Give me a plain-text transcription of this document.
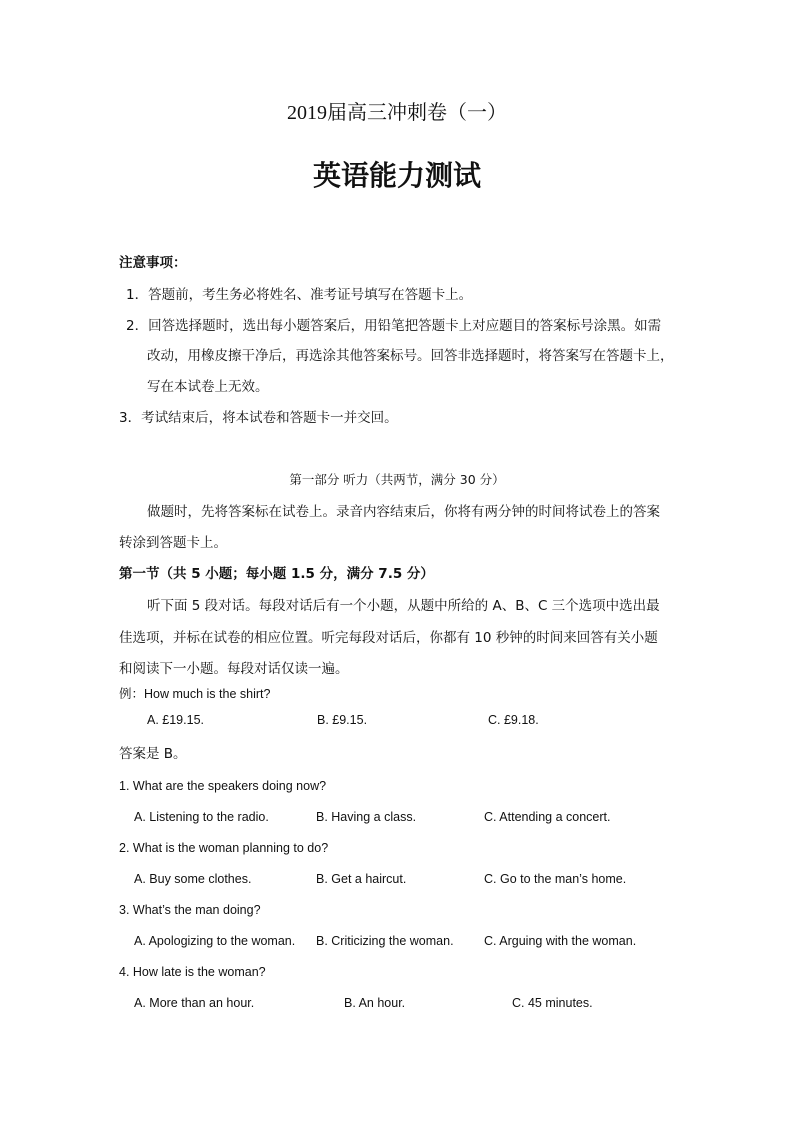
2019届高三冲刺卷（一）
英语能力测试
注意事项：
1．答题前，考生务必将姓名、准考证号填写在答题卡上。
2．回答选择题时，选出每小题答案后，用铅笔把答题卡上对应题目的答案标号涂黑。如需
改动，用橡皮擦干净后，再选涂其他答案标号。回答非选择题时，将答案写在答题卡上，
写在本试卷上无效。
3．考试结束后，将本试卷和答题卡一并交回。
第一部分 听力（共两节，满分 30 分）
做题时，先将答案标在试卷上。录音内容结束后，你将有两分钟的时间将试卷上的答案
转涂到答题卡上。
第一节（共 5 小题；每小题 1.5 分，满分 7.5 分）
听下面 5 段对话。每段对话后有一个小题，从题中所给的 A、B、C 三个选项中选出最
佳选项，并标在试卷的相应位置。听完每段对话后，你都有 10 秒钟的时间来回答有关小题
和阅读下一小题。每段对话仅读一遍。
例：How much is the shirt?
A. £19.15.	B. £9.15.	C. £9.18.
答案是 B。
1. What are the speakers doing now?
A. Listening to the radio.	B. Having a class.	C. Attending a concert.
2. What is the woman planning to do?
A. Buy some clothes.	B. Get a haircut.	C. Go to the man’s home.
3. What’s the man doing?
A. Apologizing to the woman. B. Criticizing the woman. C. Arguing with the woman.
4. How late is the woman?
A. More than an hour.	B. An hour.	C. 45 minutes.
